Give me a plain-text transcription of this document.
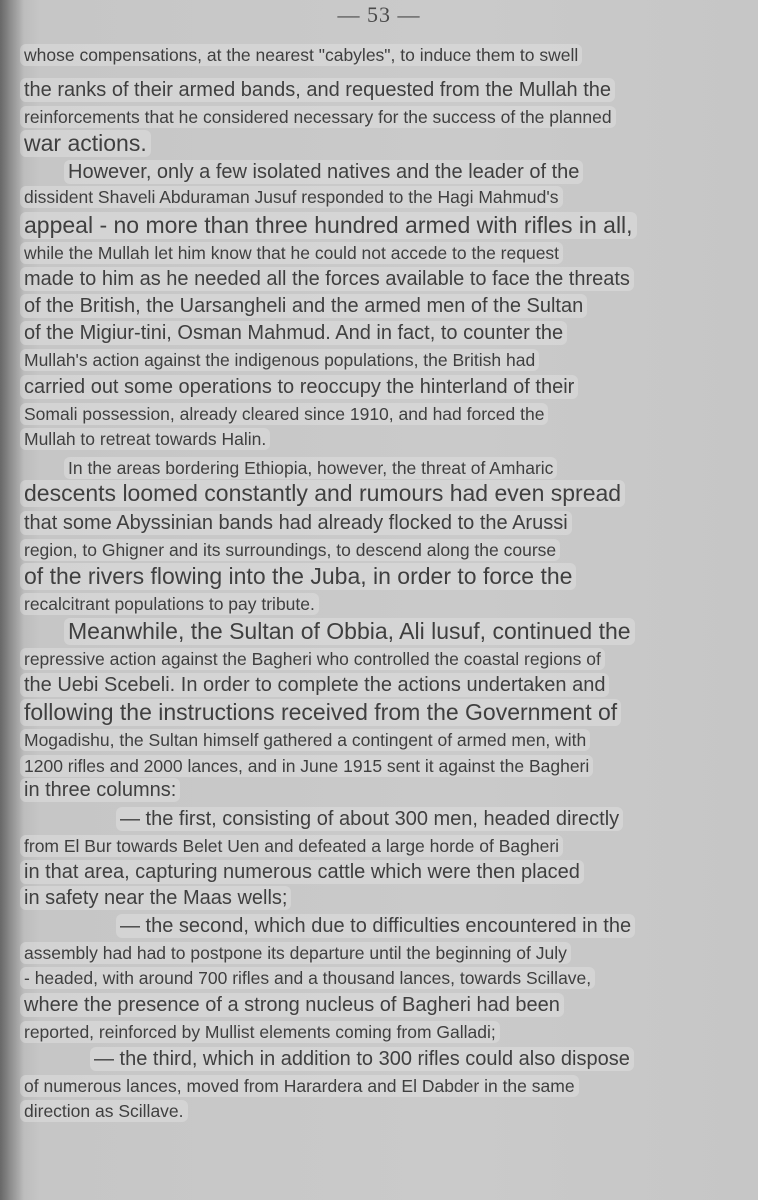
— 53 —

whose compensations, at the nearest "cabyles", to induce them to swell

the ranks of their armed bands, and requested from the Mullah the

reinforcements that he considered necessary for the success of the planned

war actions.

However, only a few isolated natives and the leader of the

dissident Shaveli Abduraman Jusuf responded to the Hagi Mahmud's

appeal - no more than three hundred armed with rifles in all,

while the Mullah let him know that he could not accede to the request

made to him as he needed all the forces available to face the threats

of the British, the Uarsangheli and the armed men of the Sultan

of the Migiur-tini, Osman Mahmud. And in fact, to counter the

Mullah's action against the indigenous populations, the British had

carried out some operations to reoccupy the hinterland of their

Somali possession, already cleared since 1910, and had forced the

Mullah to retreat towards Halin.

In the areas bordering Ethiopia, however, the threat of Amharic

descents loomed constantly and rumours had even spread

that some Abyssinian bands had already flocked to the Arussi

region, to Ghigner and its surroundings, to descend along the course

of the rivers flowing into the Juba, in order to force the

recalcitrant populations to pay tribute.

Meanwhile, the Sultan of Obbia, Ali lusuf, continued the

repressive action against the Bagheri who controlled the coastal regions of

the Uebi Scebeli. In order to complete the actions undertaken and

following the instructions received from the Government of

Mogadishu, the Sultan himself gathered a contingent of armed men, with

1200 rifles and 2000 lances, and in June 1915 sent it against the Bagheri

in three columns:

— the first, consisting of about 300 men, headed directly

from El Bur towards Belet Uen and defeated a large horde of Bagheri

in that area, capturing numerous cattle which were then placed

in safety near the Maas wells;

— the second, which due to difficulties encountered in the

assembly had had to postpone its departure until the beginning of July

- headed, with around 700 rifles and a thousand lances, towards Scillave,

where the presence of a strong nucleus of Bagheri had been

reported, reinforced by Mullist elements coming from Galladi;

— the third, which in addition to 300 rifles could also dispose

of numerous lances, moved from Harardera and El Dabder in the same

direction as Scillave.
